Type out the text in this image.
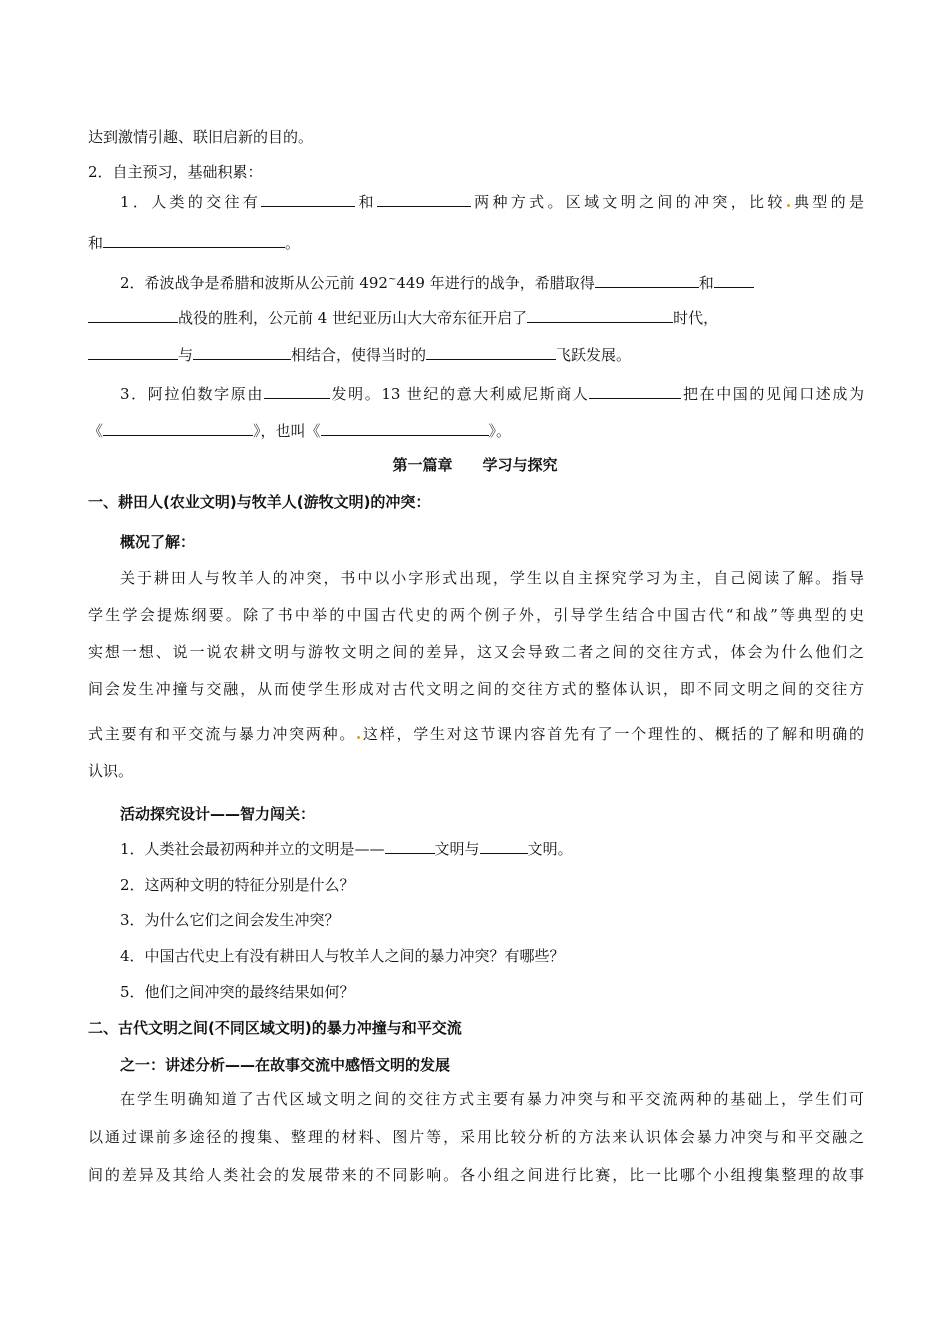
达到激情引趣、联旧启新的目的。
2．自主预习，基础积累：
1．人类的交往有	和	两种方式。区域文明之间的冲突，比较 典型的是
和	。
2．希波战争是希腊和波斯从公元前 492~449 年进行的战争，希腊取得	和
战役的胜利，公元前 4 世纪亚历山大大帝东征开启了	时代，
与	相结合，使得当时的	飞跃发展。
3．阿拉伯数字原由	发明。13 世纪的意大利威尼斯商人	把在中国的见闻口述成为
《	》，也叫《	》。
第一篇章　　学习与探究
一、耕田人(农业文明)与牧羊人(游牧文明)的冲突：
概况了解：
关于耕田人与牧羊人的冲突，书中以小字形式出现，学生以自主探究学习为主，自己阅读了解。指导
学生学会提炼纲要。除了书中举的中国古代史的两个例子外，引导学生结合中国古代“和战”等典型的史
实想一想、说一说农耕文明与游牧文明之间的差异，这又会导致二者之间的交往方式，体会为什么他们之
间会发生冲撞与交融，从而使学生形成对古代文明之间的交往方式的整体认识，即不同文明之间的交往方
式主要有和平交流与暴力冲突两种。 这样，学生对这节课内容首先有了一个理性的、概括的了解和明确的
认识。
活动探究设计——智力闯关：
1．人类社会最初两种并立的文明是——	文明与	文明。
2．这两种文明的特征分别是什么？
3．为什么它们之间会发生冲突？
4．中国古代史上有没有耕田人与牧羊人之间的暴力冲突？有哪些？
5．他们之间冲突的最终结果如何？
二、古代文明之间(不同区域文明)的暴力冲撞与和平交流
之一：讲述分析——在故事交流中感悟文明的发展
在学生明确知道了古代区域文明之间的交往方式主要有暴力冲突与和平交流两种的基础上，学生们可
以通过课前多途径的搜集、整理的材料、图片等，采用比较分析的方法来认识体会暴力冲突与和平交融之
间的差异及其给人类社会的发展带来的不同影响。各小组之间进行比赛，比一比哪个小组搜集整理的故事
